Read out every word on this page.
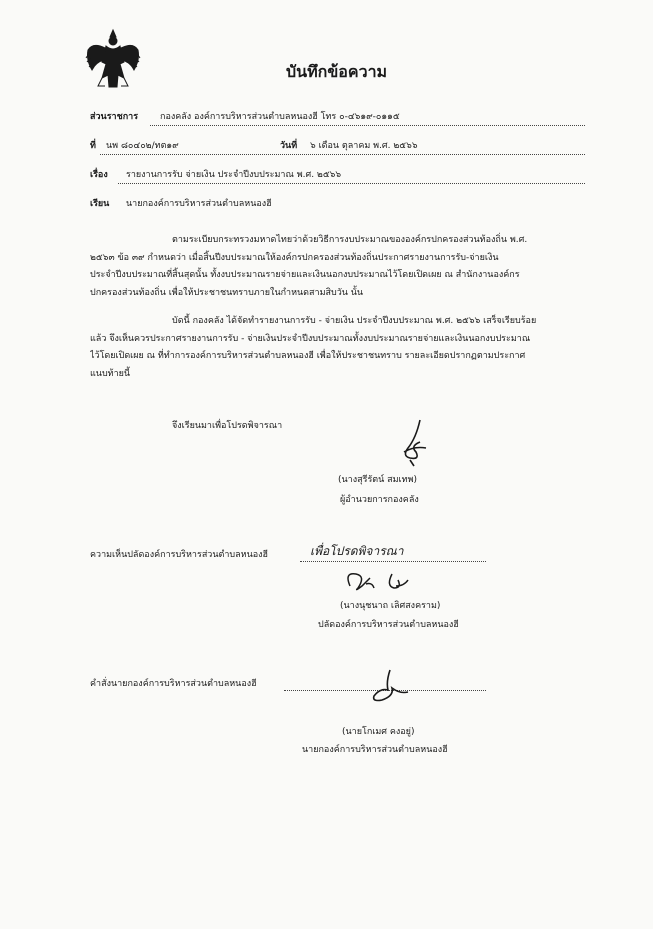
บันทึกข้อความ
ส่วนราชการ กองคลัง องค์การบริหารส่วนตำบลหนองฮี โทร ๐-๔๖๑๙-๐๑๑๕
ที่ นพ ๘๐๔๐๒/ทต๑๙	วันที่ ๖ เดือน ตุลาคม พ.ศ. ๒๕๖๖
เรื่อง รายงานการรับ จ่ายเงิน ประจำปีงบประมาณ พ.ศ. ๒๕๖๖
เรียน นายกองค์การบริหารส่วนตำบลหนองฮี
ตามระเบียบกระทรวงมหาดไทยว่าด้วยวิธีการงบประมาณขององค์กรปกครองส่วนท้องถิ่น พ.ศ.
๒๕๖๓ ข้อ ๓๙ กำหนดว่า เมื่อสิ้นปีงบประมาณให้องค์กรปกครองส่วนท้องถิ่นประกาศรายงานการรับ-จ่ายเงิน
ประจำปีงบประมาณที่สิ้นสุดนั้น ทั้งงบประมาณรายจ่ายและเงินนอกงบประมาณไว้โดยเปิดเผย ณ สำนักงานองค์กร
ปกครองส่วนท้องถิ่น เพื่อให้ประชาชนทราบภายในกำหนดสามสิบวัน นั้น
บัดนี้ กองคลัง ได้จัดทำรายงานการรับ - จ่ายเงิน ประจำปีงบประมาณ พ.ศ. ๒๕๖๖ เสร็จเรียบร้อย
แล้ว จึงเห็นควรประกาศรายงานการรับ - จ่ายเงินประจำปีงบประมาณทั้งงบประมาณรายจ่ายและเงินนอกงบประมาณ
ไว้โดยเปิดเผย ณ ที่ทำการองค์การบริหารส่วนตำบลหนองฮี เพื่อให้ประชาชนทราบ รายละเอียดปรากฏตามประกาศ
แนบท้ายนี้
จึงเรียนมาเพื่อโปรดพิจารณา
(นางสุรีรัตน์ สมเทพ)
ผู้อำนวยการกองคลัง
ความเห็นปลัดองค์การบริหารส่วนตำบลหนองฮี	เพื่อโปรดพิจารณา
(นางนุชนาถ เลิศสงคราม)
ปลัดองค์การบริหารส่วนตำบลหนองฮี
คำสั่งนายกองค์การบริหารส่วนตำบลหนองฮี
(นายโกเมศ คงอยู่)
นายกองค์การบริหารส่วนตำบลหนองฮี
